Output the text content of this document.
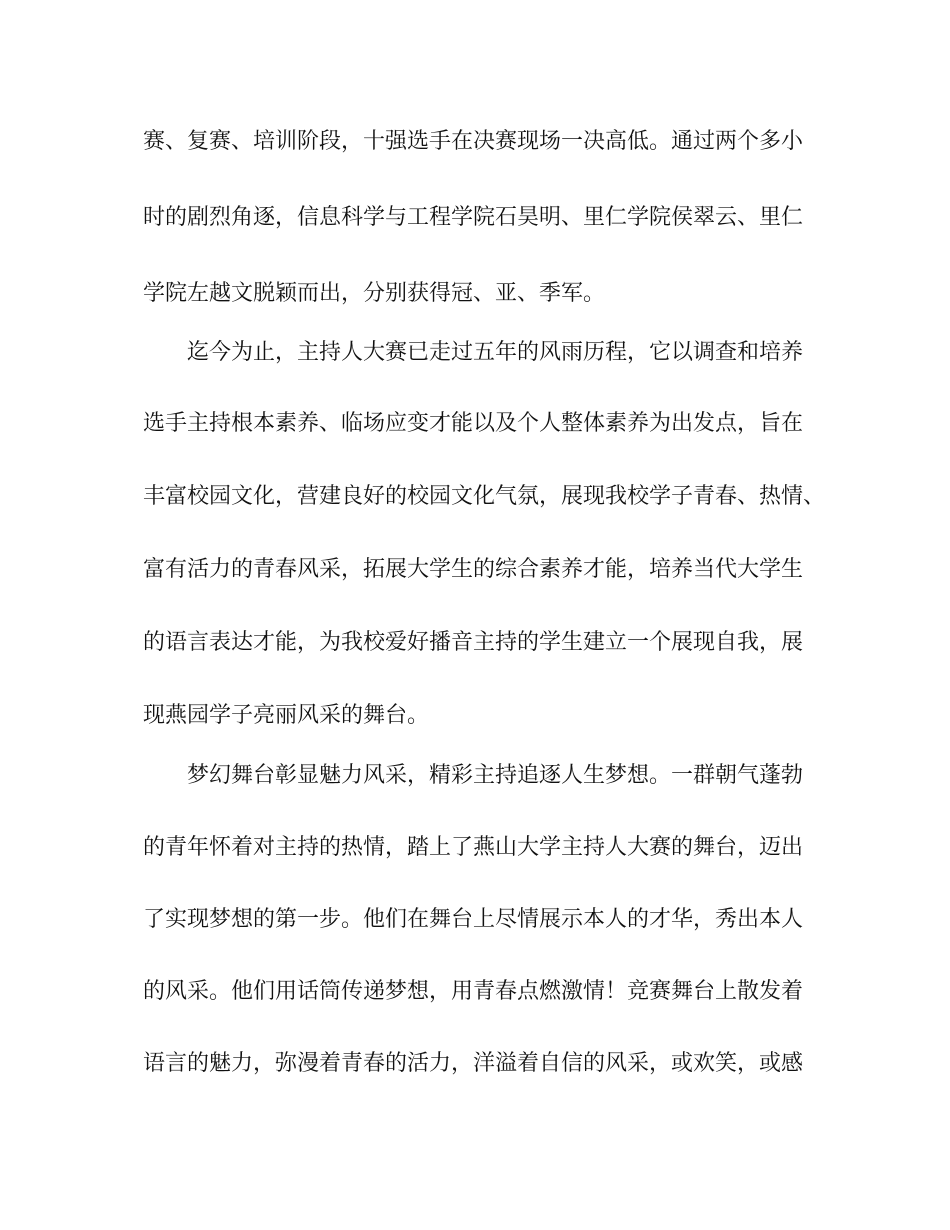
赛、复赛、培训阶段，十强选手在决赛现场一决高低。通过两个多小
时的剧烈角逐，信息科学与工程学院石昊明、里仁学院侯翠云、里仁
学院左越文脱颖而出，分别获得冠、亚、季军。
迄今为止，主持人大赛已走过五年的风雨历程，它以调查和培养
选手主持根本素养、临场应变才能以及个人整体素养为出发点，旨在
丰富校园文化，营建良好的校园文化气氛，展现我校学子青春、热情、
富有活力的青春风采，拓展大学生的综合素养才能，培养当代大学生
的语言表达才能，为我校爱好播音主持的学生建立一个展现自我，展
现燕园学子亮丽风采的舞台。
梦幻舞台彰显魅力风采，精彩主持追逐人生梦想。一群朝气蓬勃
的青年怀着对主持的热情，踏上了燕山大学主持人大赛的舞台，迈出
了实现梦想的第一步。他们在舞台上尽情展示本人的才华，秀出本人
的风采。他们用话筒传递梦想，用青春点燃激情！竞赛舞台上散发着
语言的魅力，弥漫着青春的活力，洋溢着自信的风采，或欢笑，或感
